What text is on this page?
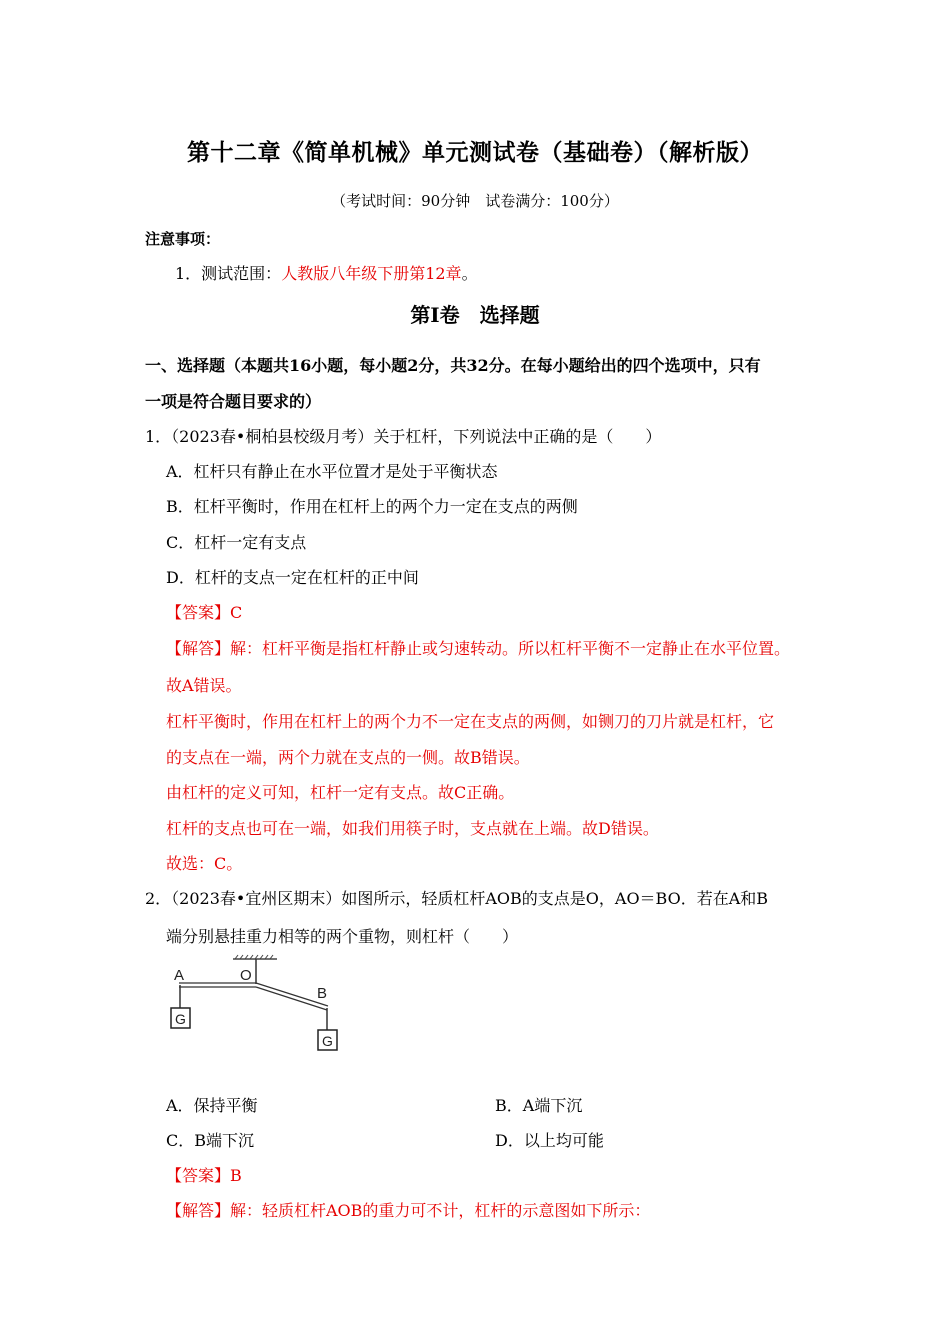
第十二章《简单机械》单元测试卷（基础卷）（解析版）
（考试时间：90分钟　试卷满分：100分）
注意事项：
1．测试范围：人教版八年级下册第12章。
第Ⅰ卷　选择题
一、选择题（本题共16小题，每小题2分，共32分。在每小题给出的四个选项中，只有
一项是符合题目要求的）
1．（2023春•桐柏县校级月考）关于杠杆，下列说法中正确的是（　　）
A．杠杆只有静止在水平位置才是处于平衡状态
B．杠杆平衡时，作用在杠杆上的两个力一定在支点的两侧
C．杠杆一定有支点
D．杠杆的支点一定在杠杆的正中间
【答案】C
【解答】解：杠杆平衡是指杠杆静止或匀速转动。所以杠杆平衡不一定静止在水平位置。
故A错误。
杠杆平衡时，作用在杠杆上的两个力不一定在支点的两侧，如铡刀的刀片就是杠杆，它
的支点在一端，两个力就在支点的一侧。故B错误。
由杠杆的定义可知，杠杆一定有支点。故C正确。
杠杆的支点也可在一端，如我们用筷子时，支点就在上端。故D错误。
故选：C。
2．（2023春•宜州区期末）如图所示，轻质杠杆AOB的支点是O，AO＝BO．若在A和B
端分别悬挂重力相等的两个重物，则杠杆（　　）
A	O
B
G
G
A．保持平衡	B．A端下沉
C．B端下沉	D．以上均可能
【答案】B
【解答】解：轻质杠杆AOB的重力可不计，杠杆的示意图如下所示：
